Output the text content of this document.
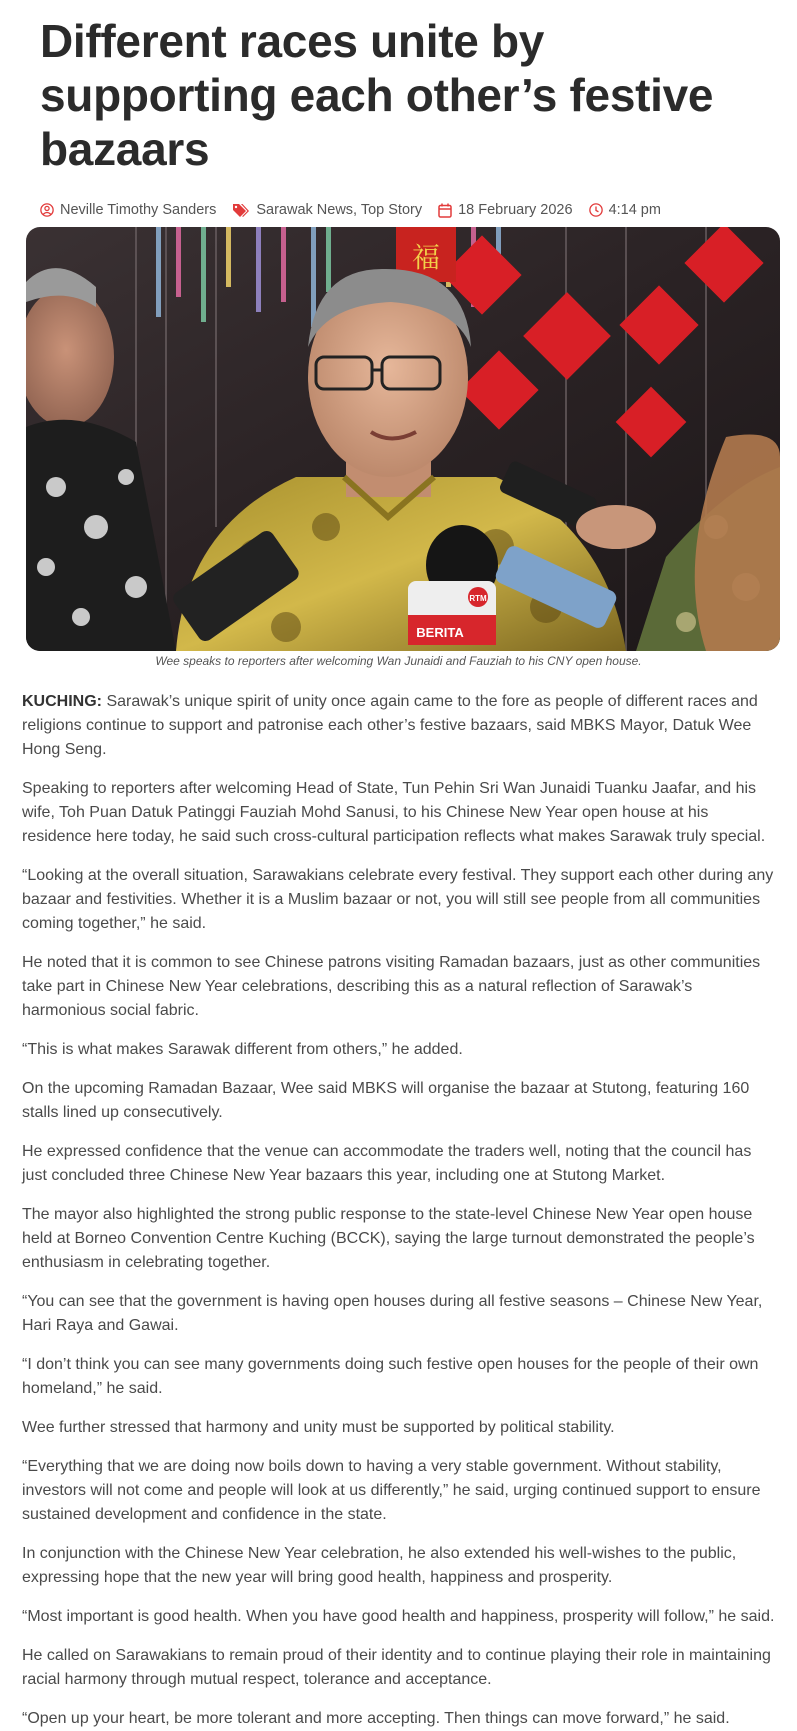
Different races unite by supporting each other’s festive bazaars
Neville Timothy Sanders	Sarawak News, Top Story 18 February 2026 4:14 pm
福
BERITA
RTM
Wee speaks to reporters after welcoming Wan Junaidi and Fauziah to his CNY open house.

KUCHING: Sarawak’s unique spirit of unity once again came to the fore as people of different races and religions continue to support and patronise each other’s festive bazaars, said MBKS Mayor, Datuk Wee Hong Seng.

Speaking to reporters after welcoming Head of State, Tun Pehin Sri Wan Junaidi Tuanku Jaafar, and his wife, Toh Puan Datuk Patinggi Fauziah Mohd Sanusi, to his Chinese New Year open house at his residence here today, he said such cross-cultural participation reflects what makes Sarawak truly special.

“Looking at the overall situation, Sarawakians celebrate every festival. They support each other during any bazaar and festivities. Whether it is a Muslim bazaar or not, you will still see people from all communities coming together,” he said.

He noted that it is common to see Chinese patrons visiting Ramadan bazaars, just as other communities take part in Chinese New Year celebrations, describing this as a natural reflection of Sarawak’s harmonious social fabric.

“This is what makes Sarawak different from others,” he added.

On the upcoming Ramadan Bazaar, Wee said MBKS will organise the bazaar at Stutong, featuring 160 stalls lined up consecutively.

He expressed confidence that the venue can accommodate the traders well, noting that the council has just concluded three Chinese New Year bazaars this year, including one at Stutong Market.

The mayor also highlighted the strong public response to the state-level Chinese New Year open house held at Borneo Convention Centre Kuching (BCCK), saying the large turnout demonstrated the people’s enthusiasm in celebrating together.

“You can see that the government is having open houses during all festive seasons – Chinese New Year, Hari Raya and Gawai.

“I don’t think you can see many governments doing such festive open houses for the people of their own homeland,” he said.

Wee further stressed that harmony and unity must be supported by political stability.

“Everything that we are doing now boils down to having a very stable government. Without stability, investors will not come and people will look at us differently,” he said, urging continued support to ensure sustained development and confidence in the state.

In conjunction with the Chinese New Year celebration, he also extended his well-wishes to the public, expressing hope that the new year will bring good health, happiness and prosperity.

“Most important is good health. When you have good health and happiness, prosperity will follow,” he said.

He called on Sarawakians to remain proud of their identity and to continue playing their role in maintaining racial harmony through mutual respect, tolerance and acceptance.

“Open up your heart, be more tolerant and more accepting. Then things can move forward,” he said.
